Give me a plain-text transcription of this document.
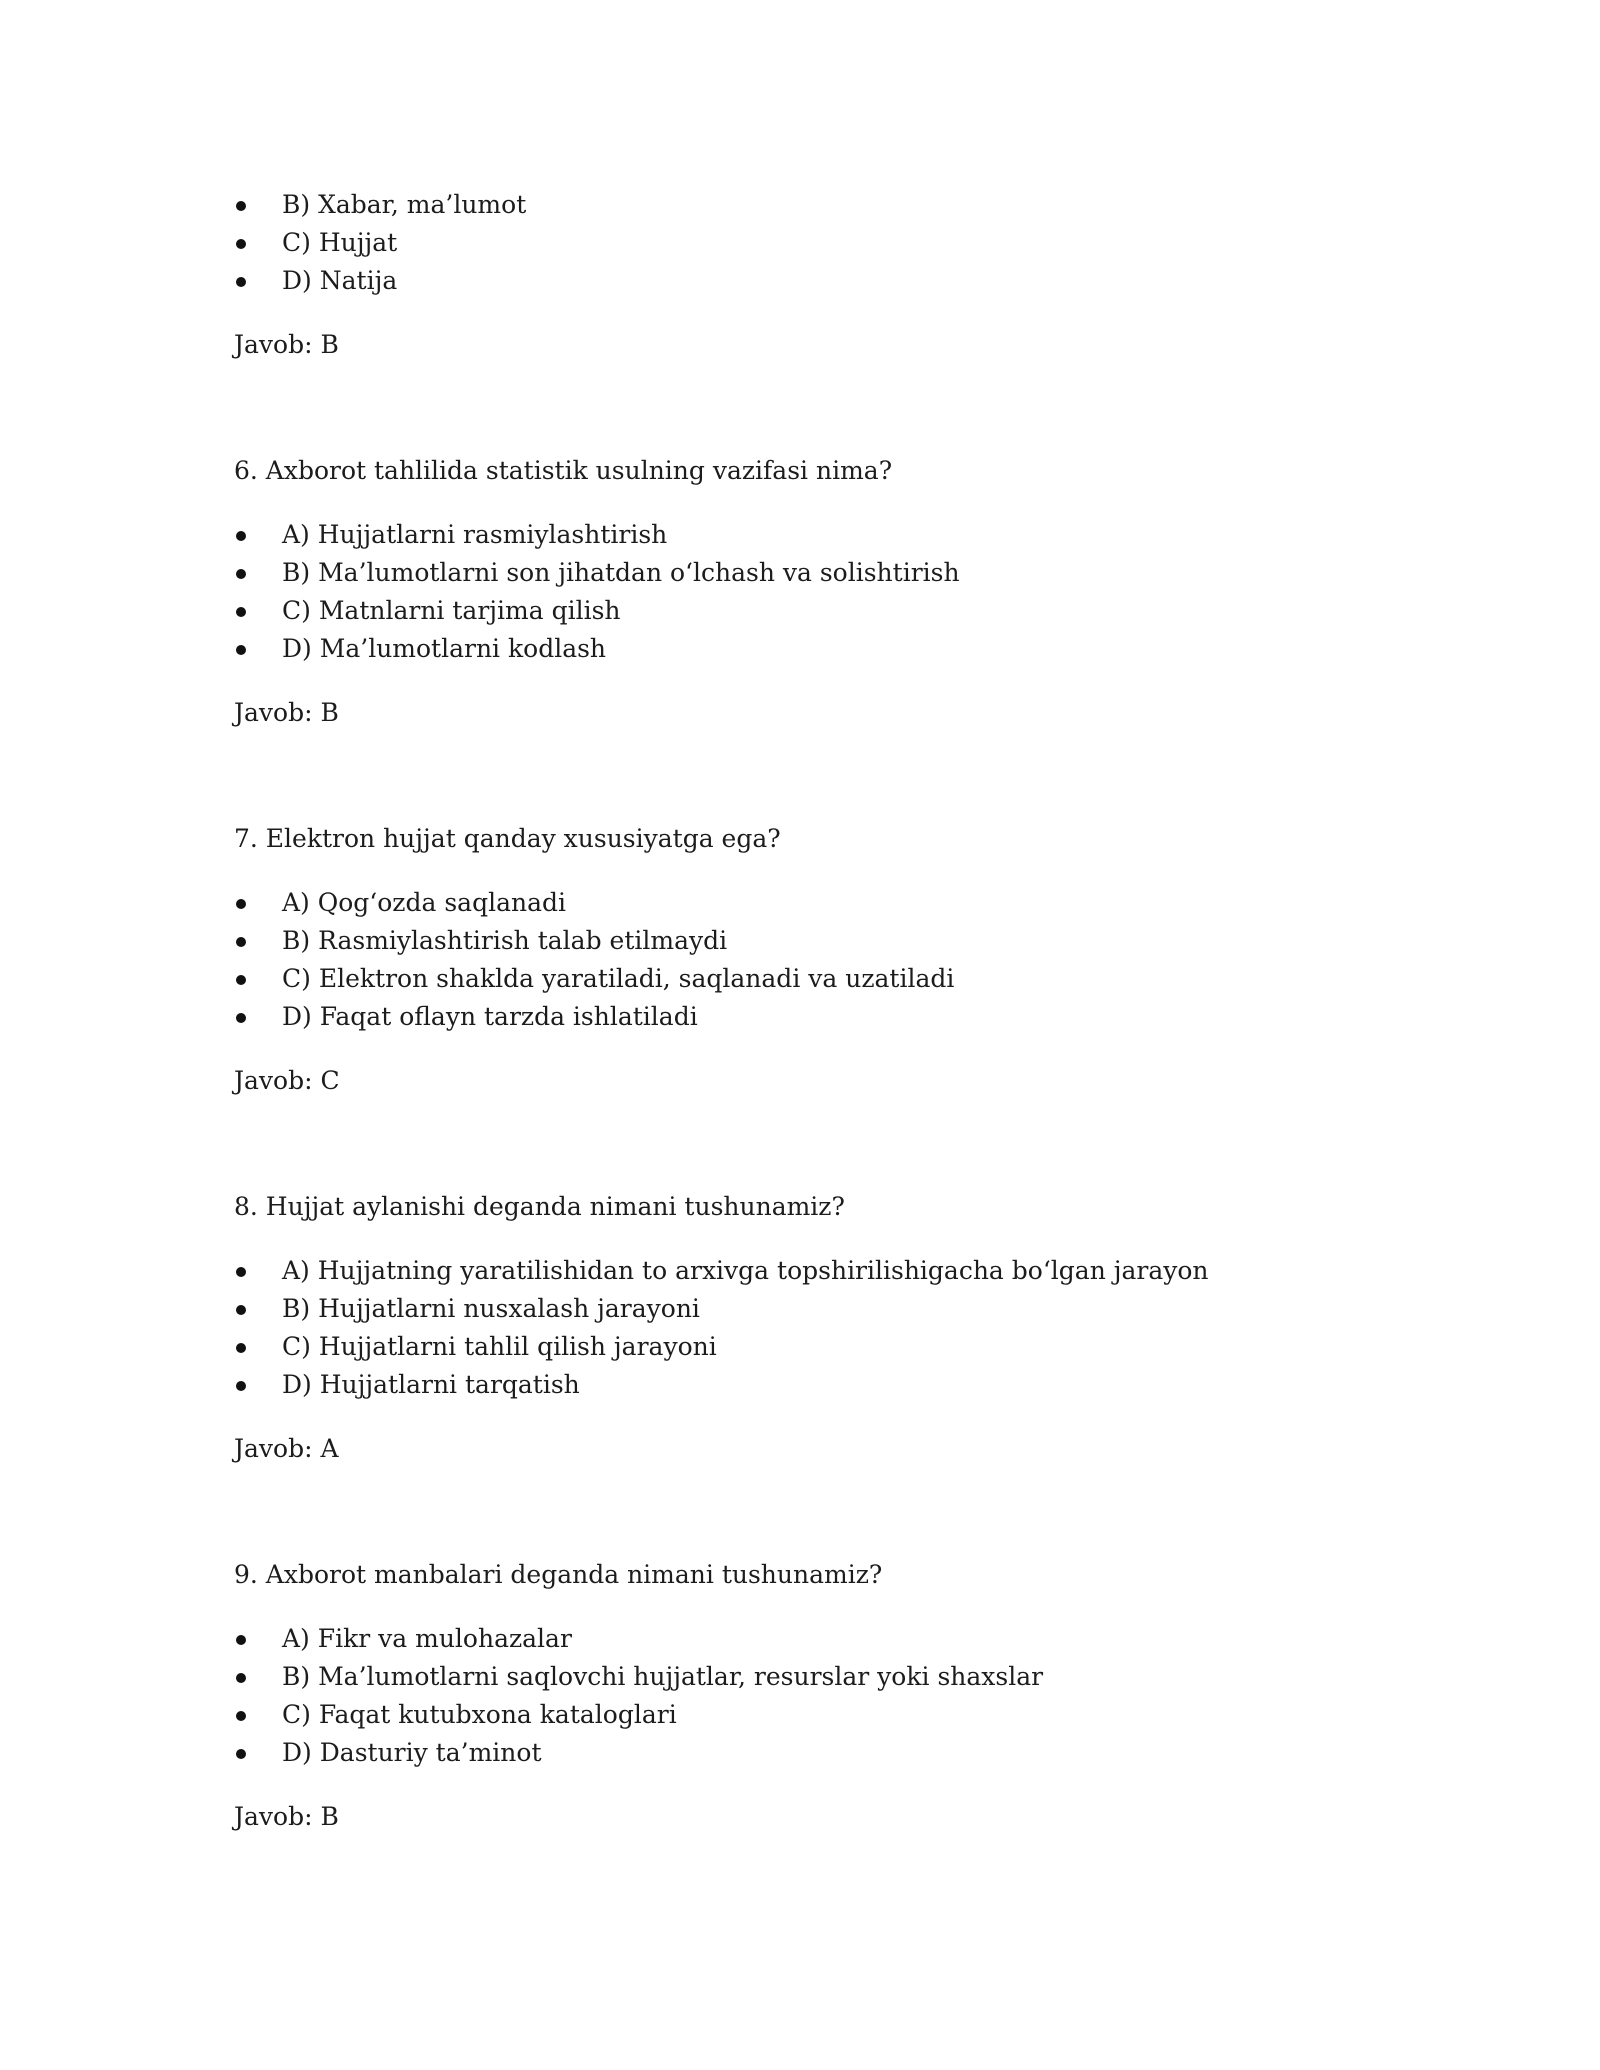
B) Xabar, ma’lumot
C) Hujjat
D) Natija
Javob: B
6. Axborot tahlilida statistik usulning vazifasi nima?
A) Hujjatlarni rasmiylashtirish
B) Ma’lumotlarni son jihatdan o‘lchash va solishtirish
C) Matnlarni tarjima qilish
D) Ma’lumotlarni kodlash
Javob: B
7. Elektron hujjat qanday xususiyatga ega?
A) Qog‘ozda saqlanadi
B) Rasmiylashtirish talab etilmaydi
C) Elektron shaklda yaratiladi, saqlanadi va uzatiladi
D) Faqat oflayn tarzda ishlatiladi
Javob: C
8. Hujjat aylanishi deganda nimani tushunamiz?
A) Hujjatning yaratilishidan to arxivga topshirilishigacha bo‘lgan jarayon
B) Hujjatlarni nusxalash jarayoni
C) Hujjatlarni tahlil qilish jarayoni
D) Hujjatlarni tarqatish
Javob: A
9. Axborot manbalari deganda nimani tushunamiz?
A) Fikr va mulohazalar
B) Ma’lumotlarni saqlovchi hujjatlar, resurslar yoki shaxslar
C) Faqat kutubxona kataloglari
D) Dasturiy ta’minot
Javob: B
